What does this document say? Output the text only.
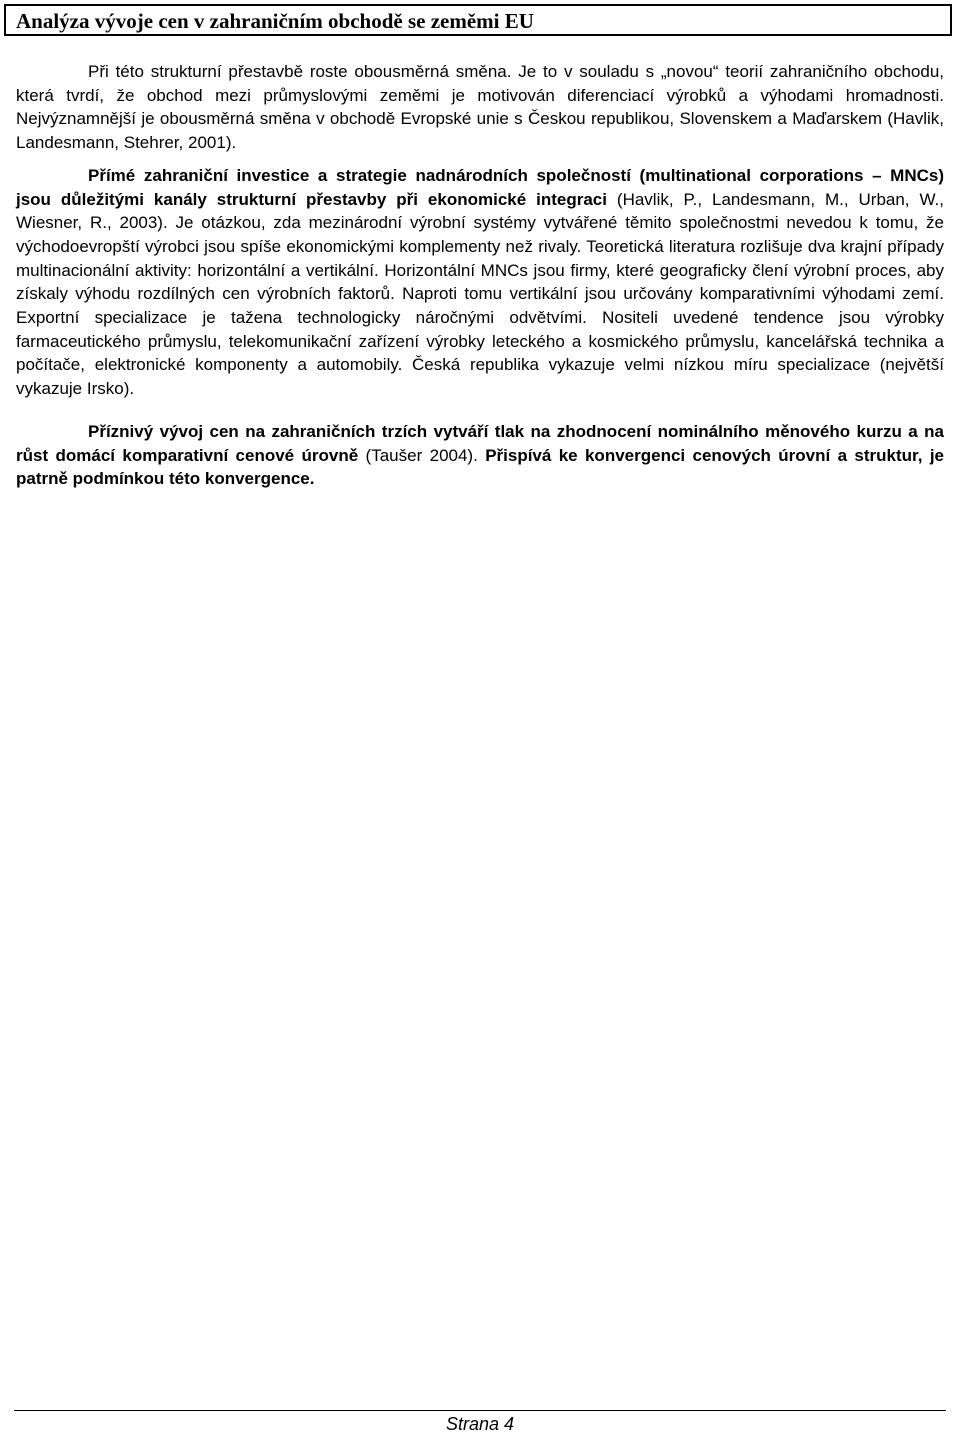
Analýza vývoje cen v zahraničním obchodě se zeměmi EU

Při této strukturní přestavbě roste obousměrná směna. Je to v souladu s „novou“ teorií zahraničního obchodu, která tvrdí, že obchod mezi průmyslovými zeměmi je motivován diferenciací výrobků a výhodami hromadnosti. Nejvýznamnější je obousměrná směna v obchodě Evropské unie s Českou republikou, Slovenskem a Maďarskem (Havlik, Landesmann, Stehrer, 2001).

Přímé zahraniční investice a strategie nadnárodních společností (multinational corporations – MNCs) jsou důležitými kanály strukturní přestavby při ekonomické integraci (Havlik, P., Landesmann, M., Urban, W., Wiesner, R., 2003). Je otázkou, zda mezinárodní výrobní systémy vytvářené těmito společnostmi nevedou k tomu, že východoevropští výrobci jsou spíše ekonomickými komplementy než rivaly. Teoretická literatura rozlišuje dva krajní případy multinacionální aktivity: horizontální a vertikální. Horizontální MNCs jsou firmy, které geograficky člení výrobní proces, aby získaly výhodu rozdílných cen výrobních faktorů. Naproti tomu vertikální jsou určovány komparativními výhodami zemí. Exportní specializace je tažena technologicky náročnými odvětvími. Nositeli uvedené tendence jsou výrobky farmaceutického průmyslu, telekomunikační zařízení výrobky leteckého a kosmického průmyslu, kancelářská technika a počítače, elektronické komponenty a automobily. Česká republika vykazuje velmi nízkou míru specializace (největší vykazuje Irsko).

Příznivý vývoj cen na zahraničních trzích vytváří tlak na zhodnocení nominálního měnového kurzu a na růst domácí komparativní cenové úrovně (Taušer 2004). Přispívá ke konvergenci cenových úrovní a struktur, je patrně podmínkou této konvergence.

Strana 4
